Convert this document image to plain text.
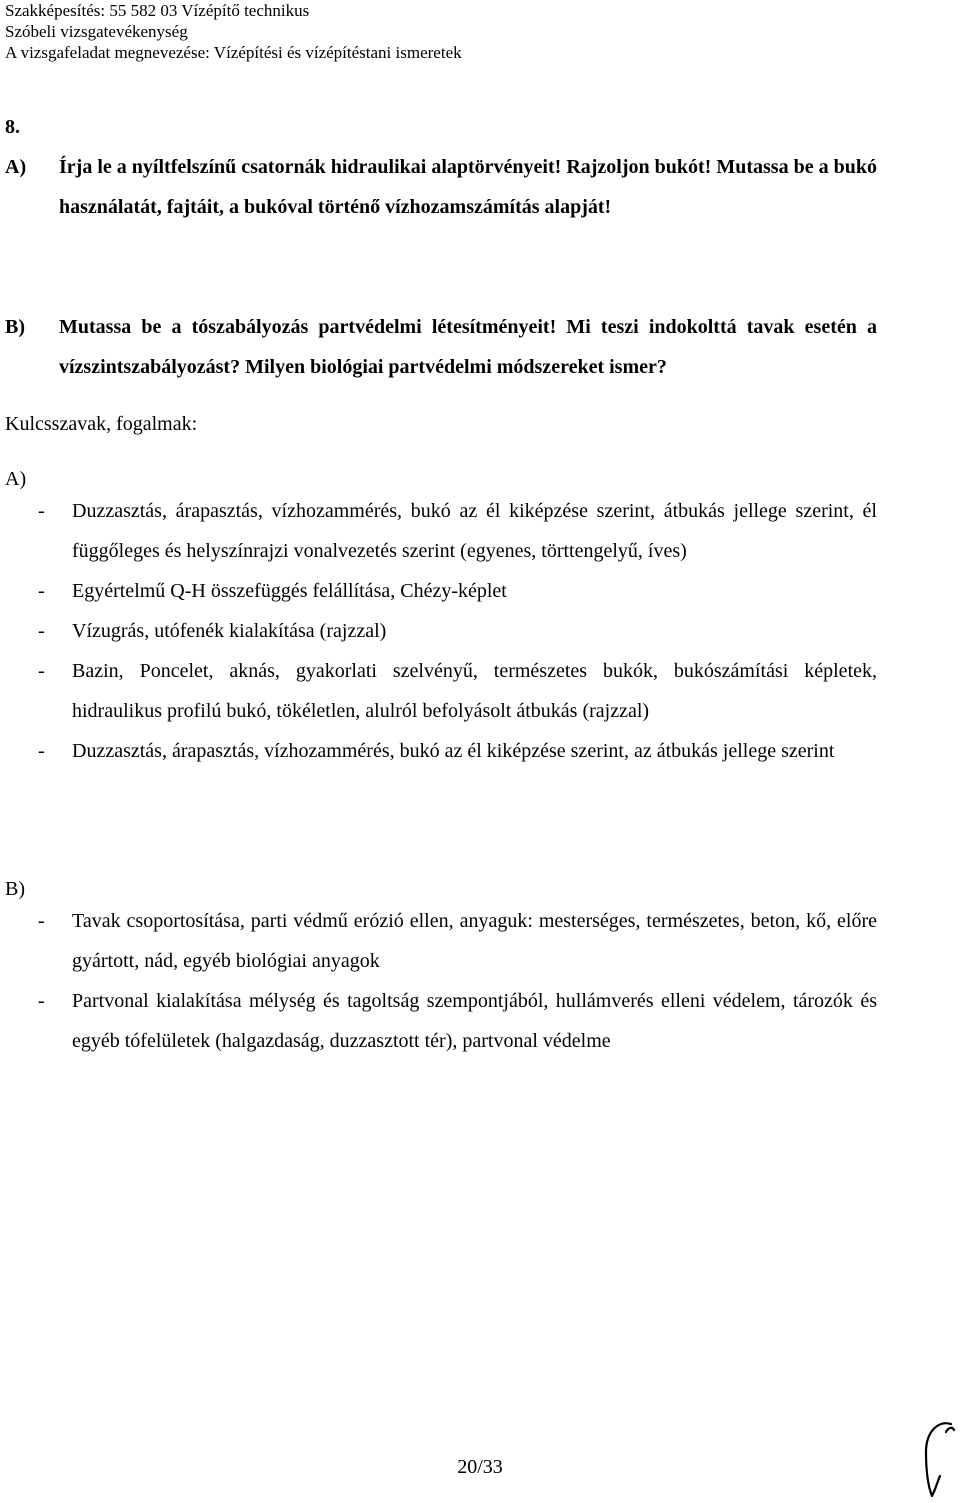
Szakképesítés: 55 582 03 Vízépítő technikus
Szóbeli vizsgatevékenység
A vizsgafeladat megnevezése: Vízépítési és vízépítéstani ismeretek
8.
A) Írja le a nyíltfelszínű csatornák hidraulikai alaptörvényeit! Rajzoljon bukót! Mutassa be a bukó használatát, fajtáit, a bukóval történő vízhozamszámítás alapját!
B) Mutassa be a tószabályozás partvédelmi létesítményeit! Mi teszi indokolttá tavak esetén a vízszintszabályozást? Milyen biológiai partvédelmi módszereket ismer?
Kulcsszavak, fogalmak:
A)
- Duzzasztás, árapasztás, vízhozammérés, bukó az él kiképzése szerint, átbukás jellege szerint, él függőleges és helyszínrajzi vonalvezetés szerint (egyenes, törttengelyű, íves)
- Egyértelmű Q-H összefüggés felállítása, Chézy-képlet
- Vízugrás, utófenék kialakítása (rajzzal)
- Bazin, Poncelet, aknás, gyakorlati szelvényű, természetes bukók, bukószámítási képletek, hidraulikus profilú bukó, tökéletlen, alulról befolyásolt átbukás (rajzzal)
- Duzzasztás, árapasztás, vízhozammérés, bukó az él kiképzése szerint, az átbukás jellege szerint
B)
- Tavak csoportosítása, parti védmű erózió ellen, anyaguk: mesterséges, természetes, beton, kő, előre gyártott, nád, egyéb biológiai anyagok
- Partvonal kialakítása mélység és tagoltság szempontjából, hullámverés elleni védelem, tározók és egyéb tófelületek (halgazdaság, duzzasztott tér), partvonal védelme
20/33
